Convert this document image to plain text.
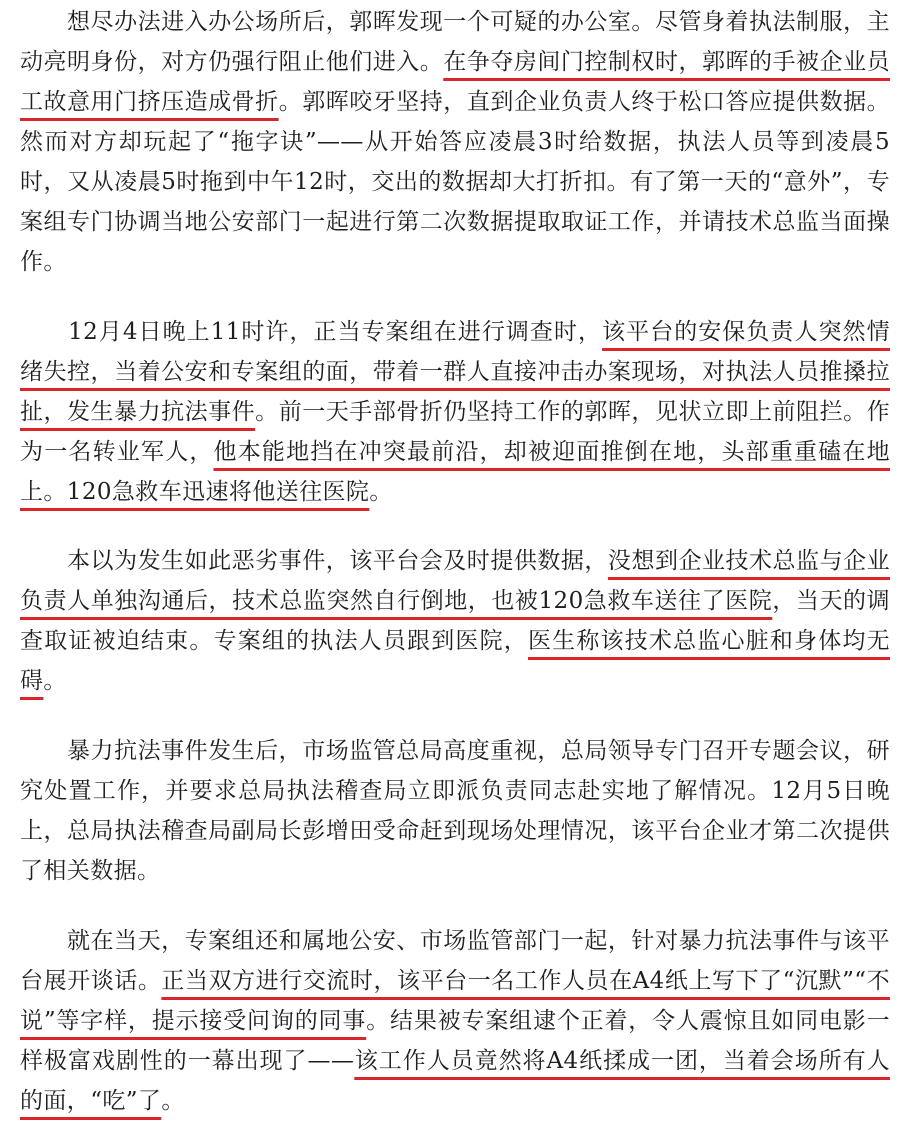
　　想尽办法进入办公场所后，郭晖发现一个可疑的办公室。尽管身着执法制服，主动亮明身份，对方仍强行阻止他们进入。在争夺房间门控制权时，郭晖的手被企业员工故意用门挤压造成骨折。郭晖咬牙坚持，直到企业负责人终于松口答应提供数据。然而对方却玩起了“拖字诀”——从开始答应凌晨3时给数据，执法人员等到凌晨5时，又从凌晨5时拖到中午12时，交出的数据却大打折扣。有了第一天的“意外”，专案组专门协调当地公安部门一起进行第二次数据提取取证工作，并请技术总监当面操作。

　　12月4日晚上11时许，正当专案组在进行调查时，该平台的安保负责人突然情绪失控，当着公安和专案组的面，带着一群人直接冲击办案现场，对执法人员推搡拉扯，发生暴力抗法事件。前一天手部骨折仍坚持工作的郭晖，见状立即上前阻拦。作为一名转业军人，他本能地挡在冲突最前沿，却被迎面推倒在地，头部重重磕在地上。120急救车迅速将他送往医院。

　　本以为发生如此恶劣事件，该平台会及时提供数据，没想到企业技术总监与企业负责人单独沟通后，技术总监突然自行倒地，也被120急救车送往了医院，当天的调查取证被迫结束。专案组的执法人员跟到医院，医生称该技术总监心脏和身体均无碍。

　　暴力抗法事件发生后，市场监管总局高度重视，总局领导专门召开专题会议，研究处置工作，并要求总局执法稽查局立即派负责同志赴实地了解情况。12月5日晚上，总局执法稽查局副局长彭增田受命赶到现场处理情况，该平台企业才第二次提供了相关数据。

　　就在当天，专案组还和属地公安、市场监管部门一起，针对暴力抗法事件与该平台展开谈话。正当双方进行交流时，该平台一名工作人员在A4纸上写下了“沉默”“不说”等字样，提示接受问询的同事。结果被专案组逮个正着，令人震惊且如同电影一样极富戏剧性的一幕出现了——该工作人员竟然将A4纸揉成一团，当着会场所有人的面，“吃”了。
